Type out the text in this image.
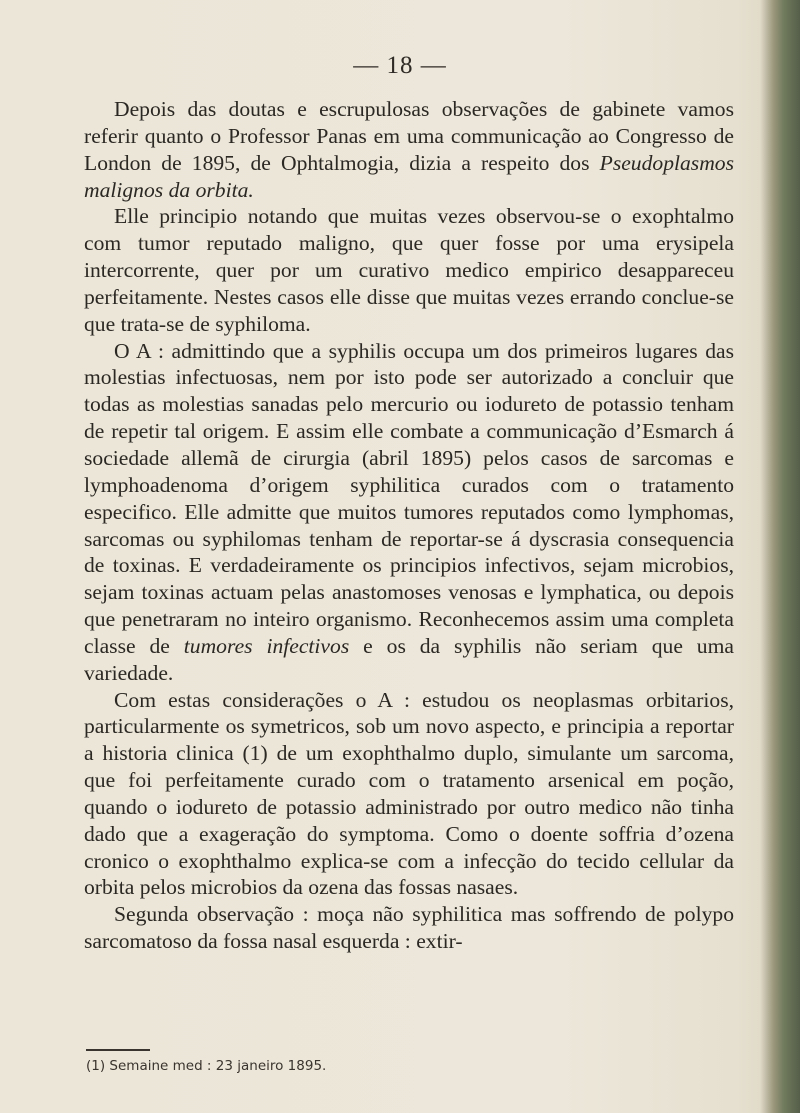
— 18 —

Depois das doutas e escrupulosas observações de gabinete vamos referir quanto o Professor Panas em uma communicação ao Congresso de London de 1895, de Ophtalmogia, dizia a respeito dos Pseudoplasmos malignos da orbita.

Elle principio notando que muitas vezes observou-se o exophtalmo com tumor reputado maligno, que quer fosse por uma erysipela intercorrente, quer por um curativo medico empirico desappareceu perfeitamente. Nestes casos elle disse que muitas vezes errando conclue-se que trata-se de syphiloma.

O A : admittindo que a syphilis occupa um dos primeiros lugares das molestias infectuosas, nem por isto pode ser autorizado a concluir que todas as molestias sanadas pelo mercurio ou iodureto de potassio tenham de repetir tal origem. E assim elle combate a communicação d’Esmarch á sociedade allemã de cirurgia (abril 1895) pelos casos de sarcomas e lymphoadenoma d’origem syphilitica curados com o tratamento especifico. Elle admitte que muitos tumores reputados como lymphomas, sarcomas ou syphilomas tenham de reportar-se á dyscrasia consequencia de toxinas. E verdadeiramente os principios infectivos, sejam microbios, sejam toxinas actuam pelas anastomoses venosas e lymphatica, ou depois que penetraram no inteiro organismo. Reconhecemos assim uma completa classe de tumores infectivos e os da syphilis não seriam que uma variedade.

Com estas considerações o A : estudou os neoplasmas orbitarios, particularmente os symetricos, sob um novo aspecto, e principia a reportar a historia clinica (1) de um exophthalmo duplo, simulante um sarcoma, que foi perfeitamente curado com o tratamento arsenical em poção, quando o iodureto de potassio administrado por outro medico não tinha dado que a exageração do symptoma. Como o doente soffria d’ozena cronico o exophthalmo explica-se com a infecção do tecido cellular da orbita pelos microbios da ozena das fossas nasaes.

Segunda observação : moça não syphilitica mas soffrendo de polypo sarcomatoso da fossa nasal esquerda : extir-

(1) Semaine med : 23 janeiro 1895.
